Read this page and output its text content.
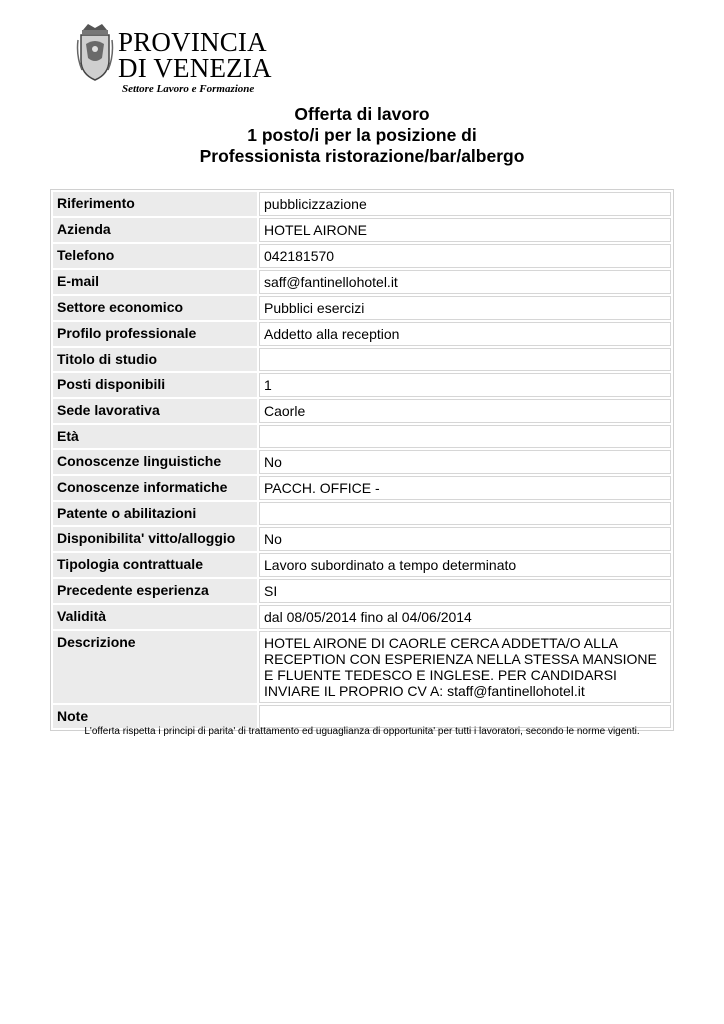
PROVINCIA
DI VENEZIA
Settore Lavoro e Formazione
Offerta di lavoro
1 posto/i per la posizione di
Professionista ristorazione/bar/albergo
Riferimento	pubblicizzazione
Azienda	HOTEL AIRONE
Telefono	042181570
E-mail	saff@fantinellohotel.it
Settore economico	Pubblici esercizi
Profilo professionale	Addetto alla reception
Titolo di studio	
Posti disponibili	1
Sede lavorativa	Caorle
Età	
Conoscenze linguistiche	No
Conoscenze informatiche	PACCH. OFFICE -
Patente o abilitazioni	
Disponibilita' vitto/alloggio	No
Tipologia contrattuale	Lavoro subordinato a tempo determinato
Precedente esperienza	SI
Validità	dal 08/05/2014 fino al 04/06/2014
Descrizione	HOTEL AIRONE DI CAORLE CERCA ADDETTA/O ALLA RECEPTION CON ESPERIENZA NELLA STESSA MANSIONE E FLUENTE TEDESCO E INGLESE. PER CANDIDARSI INVIARE IL PROPRIO CV A: staff@fantinellohotel.it
Note	
L'offerta rispetta i principi di parita' di trattamento ed uguaglianza di opportunita' per tutti i lavoratori, secondo le norme vigenti.
